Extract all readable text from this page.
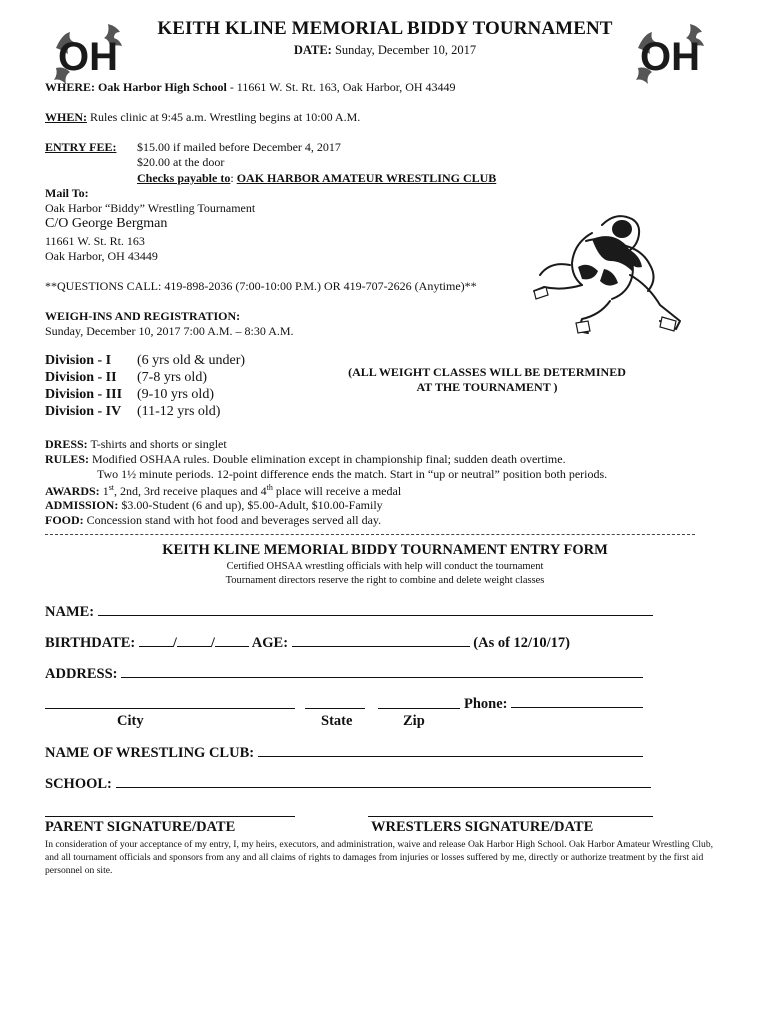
OH	OH
KEITH KLINE MEMORIAL BIDDY TOURNAMENT
DATE: Sunday, December 10, 2017
WHERE: Oak Harbor High School - 11661 W. St. Rt. 163, Oak Harbor, OH 43449
WHEN: Rules clinic at 9:45 a.m. Wrestling begins at 10:00 A.M.
ENTRY FEE: $15.00 if mailed before December 4, 2017
$20.00 at the door
Checks payable to: OAK HARBOR AMATEUR WRESTLING CLUB
Mail To:
Oak Harbor “Biddy” Wrestling Tournament
C/O George Bergman
11661 W. St. Rt. 163
Oak Harbor, OH 43449
**QUESTIONS CALL: 419-898-2036 (7:00-10:00 P.M.) OR 419-707-2626 (Anytime)**
WEIGH-INS AND REGISTRATION:
Sunday, December 10, 2017 7:00 A.M. – 8:30 A.M.
Division - I (6 yrs old & under)
Division - II (7-8 yrs old)
Division - III (9-10 yrs old)
Division - IV (11-12 yrs old)
(ALL WEIGHT CLASSES WILL BE DETERMINED
AT THE TOURNAMENT )
DRESS: T-shirts and shorts or singlet
RULES: Modified OSHAA rules. Double elimination except in championship final; sudden death overtime.
Two 1½ minute periods. 12-point difference ends the match. Start in “up or neutral” position both periods.
AWARDS: 1st, 2nd, 3rd receive plaques and 4th place will receive a medal
ADMISSION: $3.00-Student (6 and up), $5.00-Adult, $10.00-Family
FOOD: Concession stand with hot food and beverages served all day.
KEITH KLINE MEMORIAL BIDDY TOURNAMENT ENTRY FORM
Certified OHSAA wrestling officials with help will conduct the tournament
Tournament directors reserve the right to combine and delete weight classes
NAME:
BIRTHDATE:	/ /	AGE:	(As of 12/10/17)
ADDRESS:
Phone:
City	State	Zip
NAME OF WRESTLING CLUB:
SCHOOL:
PARENT SIGNATURE/DATE	WRESTLERS SIGNATURE/DATE
In consideration of your acceptance of my entry, I, my heirs, executors, and administration, waive and release Oak Harbor High School. Oak Harbor Amateur Wrestling Club, and all tournament officials and sponsors from any and all claims of rights to damages from injuries or losses suffered by me, directly or authorize treatment by the first aid personnel on site.
